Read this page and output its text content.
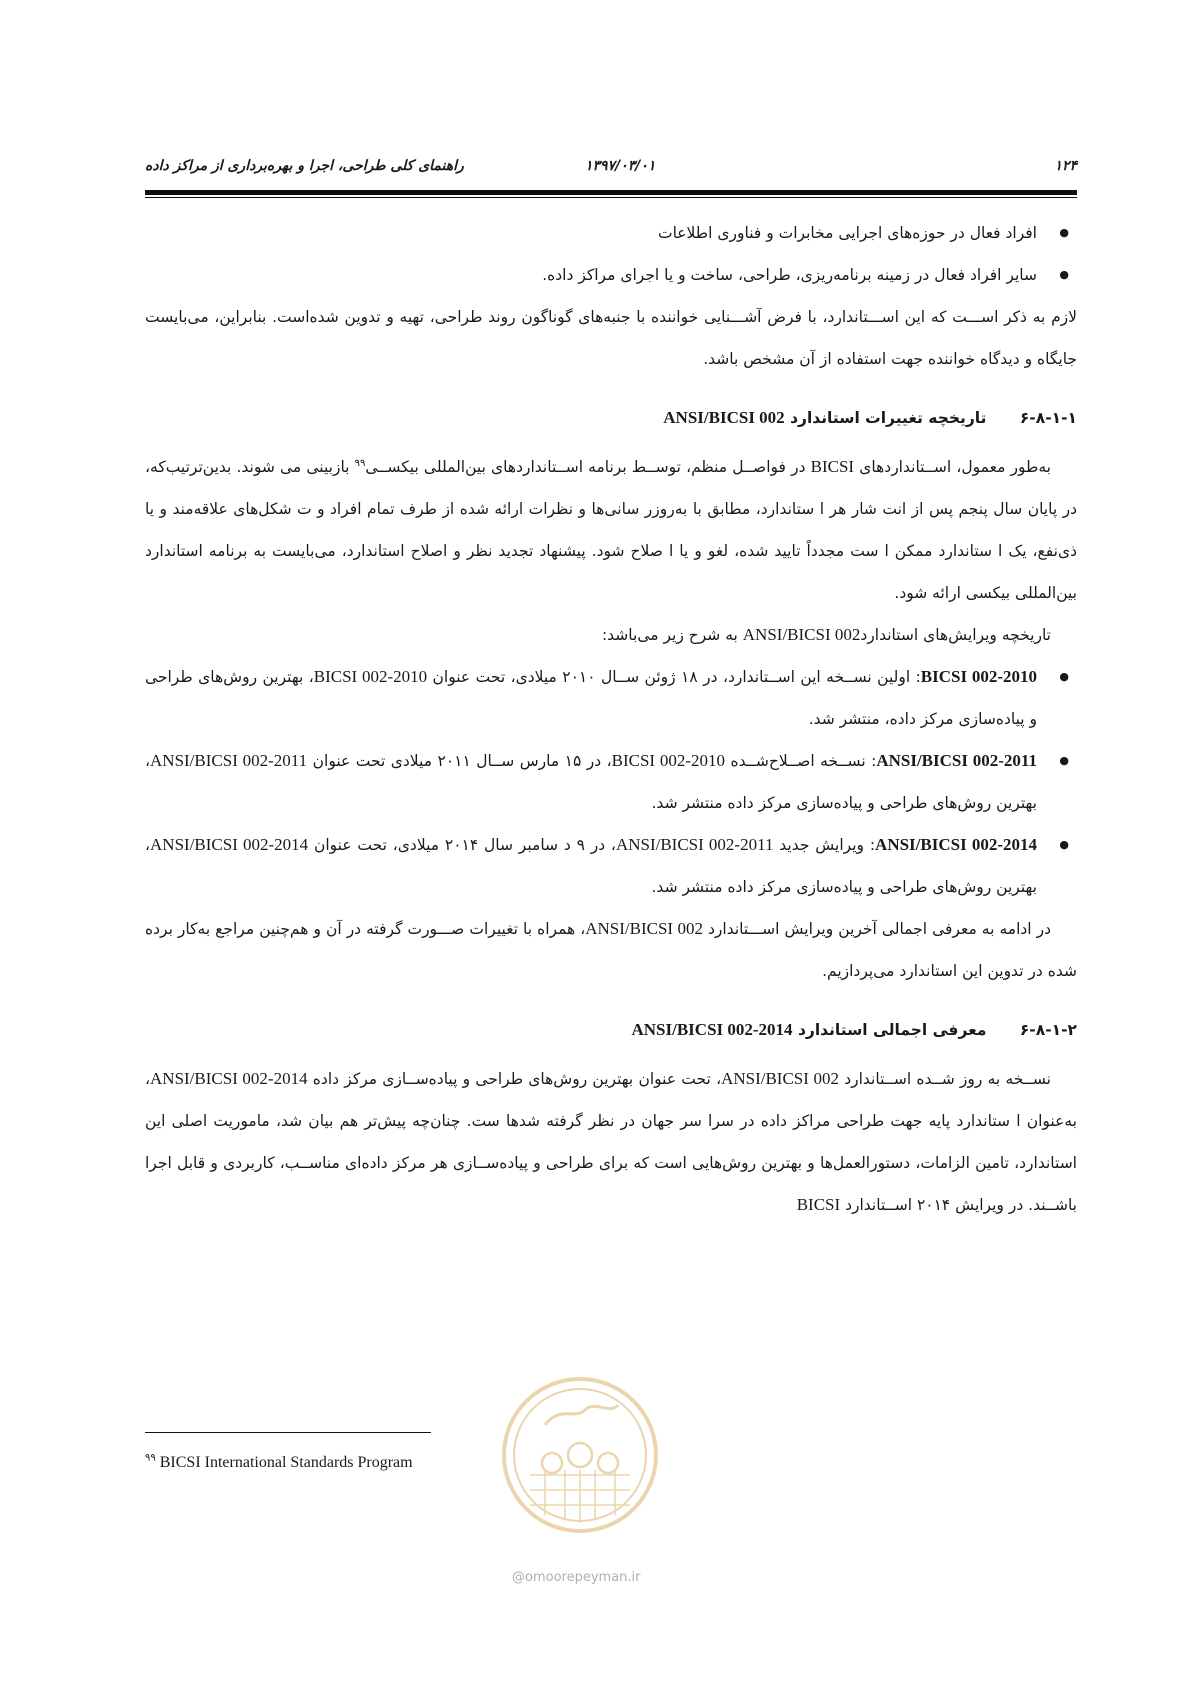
۱۲۴
۱۳۹۷/۰۳/۰۱
راهنمای کلی طراحی، اجرا و بهره‌برداری از مراکز داده
● افراد فعال در حوزه‌های اجرایی مخابرات و فناوری اطلاعات
● سایر افراد فعال در زمینه برنامه‌ریزی، طراحی، ساخت و یا اجرای مراکز داده.

لازم به ذکر اســـت که این اســـتاندارد، با فرض آشـــنایی خواننده با جنبه‌های گوناگون روند طراحی، تهیه و تدوین شده‌است. بنابراین، می‌بایست جایگاه و دیدگاه خواننده جهت استفاده از آن مشخص باشد.

۶-۸-۱-۱ تاریخچه تغییرات استاندارد ANSI/BICSI 002

به‌طور معمول، اســتانداردهای BICSI در فواصــل منظم، توســط برنامه اســتانداردهای بین‌المللی بیکســی$^{۹۹}$ بازبینی می شوند. بدین‌ترتیب‌که، در پایان سال پنجم پس از انت شار هر ا ستاندارد، مطابق با به‌روزر سانی‌ها و نظرات ارائه شده از طرف تمام افراد و ت شکل‌های علاقه‌مند و یا ذی‌نفع، یک ا ستاندارد ممکن ا ست مجدداً تایید شده، لغو و یا ا صلاح شود. پیشنهاد تجدید نظر و اصلاح استاندارد، می‌بایست به برنامه استاندارد بین‌المللی بیکسی ارائه شود.

تاریخچه ویرایش‌های استانداردANSI/BICSI 002 به شرح زیر می‌باشد:

● BICSI 002-2010: اولین نســخه این اســتاندارد، در ۱۸ ژوئن ســال ۲۰۱۰ میلادی، تحت عنوان BICSI 002-2010، بهترین روش‌های طراحی و پیاده‌سازی مرکز داده، منتشر شد.
● ANSI/BICSI 002-2011: نســخه اصــلاح‌شــده BICSI 002-2010، در ۱۵ مارس ســال ۲۰۱۱ میلادی تحت عنوان ANSI/BICSI 002-2011، بهترین روش‌های طراحی و پیاده‌سازی مرکز داده منتشر شد.
● ANSI/BICSI 002-2014: ویرایش جدید ANSI/BICSI 002-2011، در ۹ د سامبر سال ۲۰۱۴ میلادی، تحت عنوان ANSI/BICSI 002-2014، بهترین روش‌های طراحی و پیاده‌سازی مرکز داده منتشر شد.

در ادامه به معرفی اجمالی آخرین ویرایش اســـتاندارد ANSI/BICSI 002، همراه با تغییرات صـــورت گرفته در آن و هم‌چنین مراجع به‌کار برده شده در تدوین این استاندارد می‌پردازیم.

۶-۸-۱-۲ معرفی اجمالی استاندارد ANSI/BICSI 002-2014

نســخه به روز شــده اســتاندارد ANSI/BICSI 002، تحت عنوان بهترین روش‌های طراحی و پیاده‌ســازی مرکز داده ANSI/BICSI 002-2014، به‌عنوان ا ستاندارد پایه جهت طراحی مراکز داده در سرا سر جهان در نظر گرفته شدها ست. چنان‌چه پیش‌تر هم بیان شد، ماموریت اصلی این استاندارد، تامین الزامات، دستورالعمل‌ها و بهترین روش‌هایی است که برای طراحی و پیاده‌ســازی هر مرکز داده‌ای مناســب، کاربردی و قابل اجرا باشــند. در ویرایش ۲۰۱۴ اســتاندارد BICSI

$^{۹۹}$ BICSI International Standards Program
@omoorepeyman.ir
